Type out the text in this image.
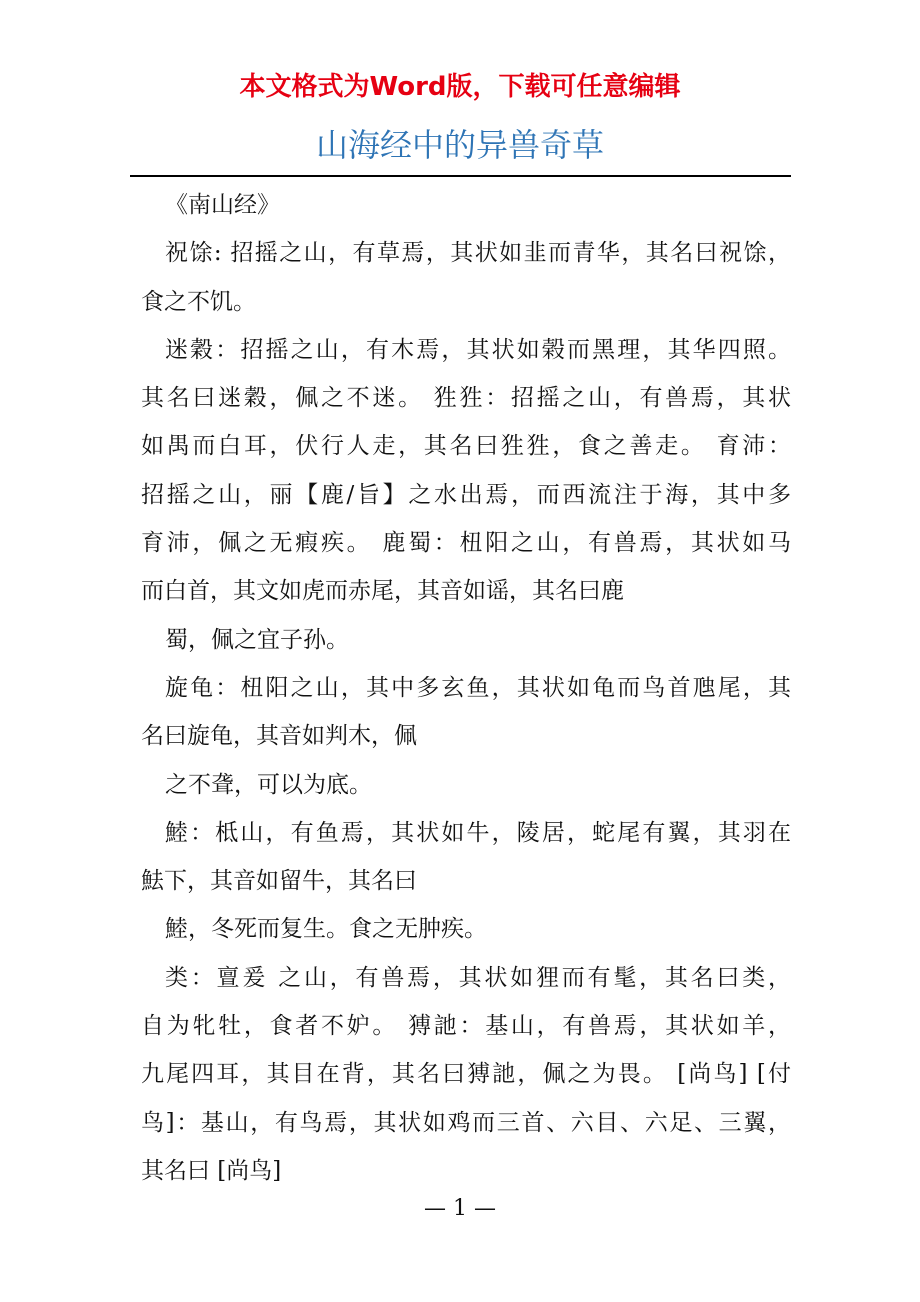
本文格式为Word版，下载可任意编辑
山海经中的异兽奇草
《南山经》
祝馀: 招摇之山，有草焉，其状如韭而青华，其名曰祝馀，
食之不饥。
迷穀：招摇之山，有木焉，其状如榖而黑理，其华四照。
其名曰迷穀，佩之不迷。 狌狌：招摇之山，有兽焉，其状
如禺而白耳，伏行人走，其名曰狌狌，食之善走。 育沛：
招摇之山，丽【鹿/旨】之水出焉，而西流注于海，其中多
育沛，佩之无瘕疾。 鹿蜀：杻阳之山，有兽焉，其状如马
而白首，其文如虎而赤尾，其音如谣，其名曰鹿
蜀，佩之宜子孙。
旋龟：杻阳之山，其中多玄鱼，其状如龟而鸟首虺尾，其
名曰旋龟，其音如判木，佩
之不聋，可以为底。
鯥：柢山，有鱼焉，其状如牛，陵居，蛇尾有翼，其羽在
魼下，其音如留牛，其名曰
鯥，冬死而复生。食之无肿疾。
类：亶爰 之山，有兽焉，其状如狸而有髦，其名曰类，
自为牝牡，食者不妒。 猼訑：基山，有兽焉，其状如羊，
九尾四耳，其目在背，其名曰猼訑，佩之为畏。 [尚鸟] [付
鸟]：基山，有鸟焉，其状如鸡而三首、六目、六足、三翼，
其名曰 [尚鸟]
— 1 —
